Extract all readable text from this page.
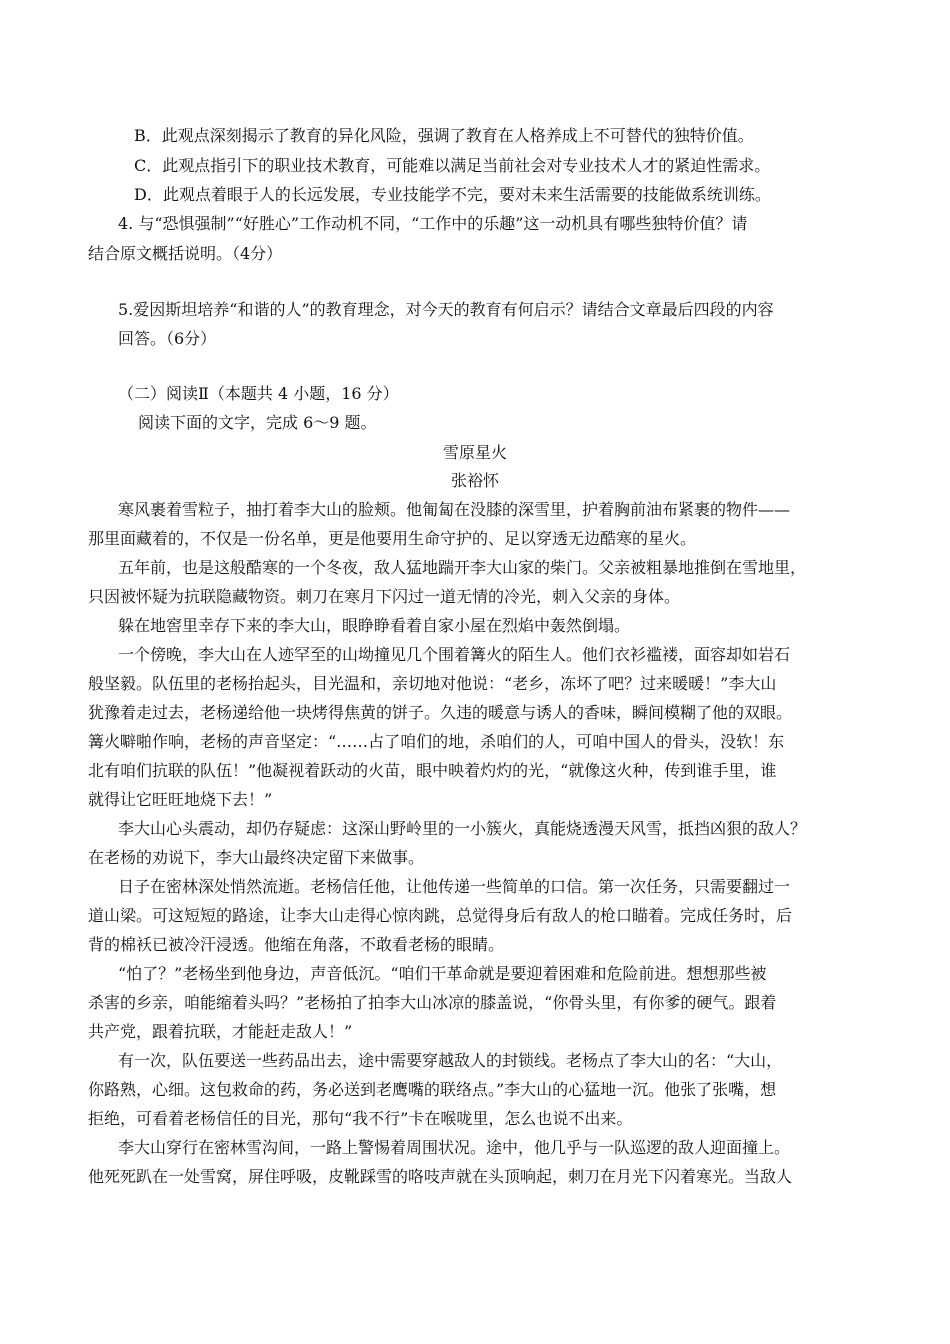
B．此观点深刻揭示了教育的异化风险，强调了教育在人格养成上不可替代的独特价值。
C．此观点指引下的职业技术教育，可能难以满足当前社会对专业技术人才的紧迫性需求。
D．此观点着眼于人的长远发展，专业技能学不完，要对未来生活需要的技能做系统训练。
4. 与“恐惧强制”“好胜心”工作动机不同，“工作中的乐趣”这一动机具有哪些独特价值？请
结合原文概括说明。（4分）
5.爱因斯坦培养“和谐的人”的教育理念，对今天的教育有何启示？请结合文章最后四段的内容
回答。（6分）
（二）阅读Ⅱ（本题共 4 小题，16 分）
阅读下面的文字，完成 6～9 题。
雪原星火
张裕怀
寒风裹着雪粒子，抽打着李大山的脸颊。他匍匐在没膝的深雪里，护着胸前油布紧裹的物件——
那里面藏着的，不仅是一份名单，更是他要用生命守护的、足以穿透无边酷寒的星火。
五年前，也是这般酷寒的一个冬夜，敌人猛地踹开李大山家的柴门。父亲被粗暴地推倒在雪地里，
只因被怀疑为抗联隐藏物资。刺刀在寒月下闪过一道无情的冷光，刺入父亲的身体。
躲在地窖里幸存下来的李大山，眼睁睁看着自家小屋在烈焰中轰然倒塌。
一个傍晚，李大山在人迹罕至的山坳撞见几个围着篝火的陌生人。他们衣衫褴褛，面容却如岩石
般坚毅。队伍里的老杨抬起头，目光温和，亲切地对他说：“老乡，冻坏了吧？过来暖暖！”李大山
犹豫着走过去，老杨递给他一块烤得焦黄的饼子。久违的暖意与诱人的香味，瞬间模糊了他的双眼。
篝火噼啪作响，老杨的声音坚定：“……占了咱们的地，杀咱们的人，可咱中国人的骨头，没软！东
北有咱们抗联的队伍！”他凝视着跃动的火苗，眼中映着灼灼的光，“就像这火种，传到谁手里，谁
就得让它旺旺地烧下去！”
李大山心头震动，却仍存疑虑：这深山野岭里的一小簇火，真能烧透漫天风雪，抵挡凶狠的敌人？
在老杨的劝说下，李大山最终决定留下来做事。
日子在密林深处悄然流逝。老杨信任他，让他传递一些简单的口信。第一次任务，只需要翻过一
道山梁。可这短短的路途，让李大山走得心惊肉跳，总觉得身后有敌人的枪口瞄着。完成任务时，后
背的棉袄已被冷汗浸透。他缩在角落，不敢看老杨的眼睛。
“怕了？”老杨坐到他身边，声音低沉。“咱们干革命就是要迎着困难和危险前进。想想那些被
杀害的乡亲，咱能缩着头吗？”老杨拍了拍李大山冰凉的膝盖说，“你骨头里，有你爹的硬气。跟着
共产党，跟着抗联，才能赶走敌人！”
有一次，队伍要送一些药品出去，途中需要穿越敌人的封锁线。老杨点了李大山的名：“大山，
你路熟，心细。这包救命的药，务必送到老鹰嘴的联络点。”李大山的心猛地一沉。他张了张嘴，想
拒绝，可看着老杨信任的目光，那句“我不行”卡在喉咙里，怎么也说不出来。
李大山穿行在密林雪沟间，一路上警惕着周围状况。途中，他几乎与一队巡逻的敌人迎面撞上。
他死死趴在一处雪窝，屏住呼吸，皮靴踩雪的咯吱声就在头顶响起，刺刀在月光下闪着寒光。当敌人
